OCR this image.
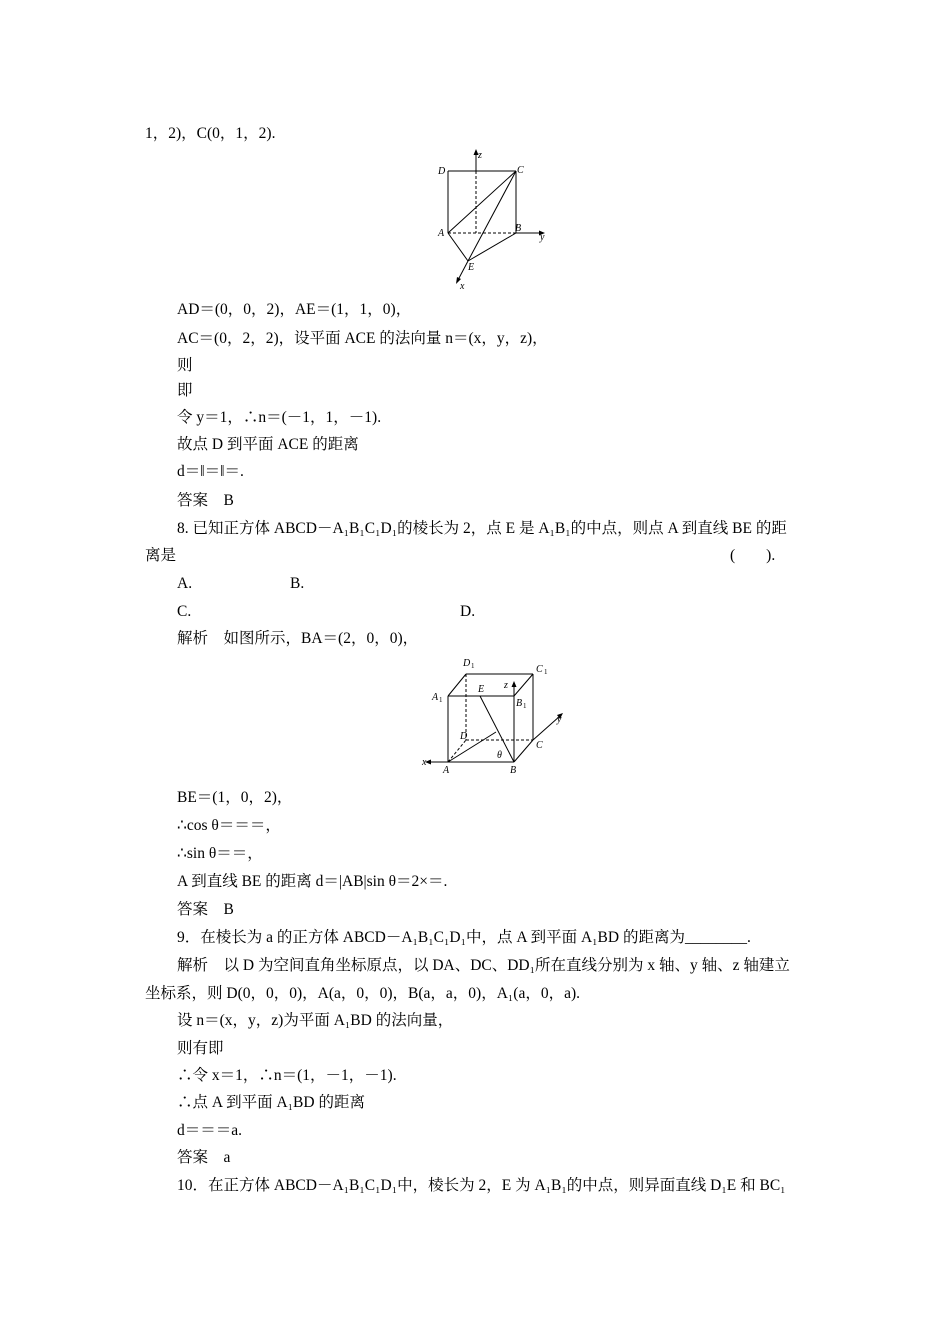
1，2)，C(0，1，2).
z
D	C
A	B
y
E
x
AD＝(0，0，2)，AE＝(1，1，0)，
AC＝(0，2，2)，设平面 ACE 的法向量 n＝(x，y，z)，
则
即
令 y＝1，∴n＝(－1，1，－1).
故点 D 到平面 ACE 的距离
d＝‖＝‖＝.
答案　B
8. 已知正方体 ABCD－A₁B₁C₁D₁的棱长为 2，点 E 是 A₁B₁的中点，则点 A 到直线 BE 的距
离是	(　　).
A.	B.
C.	D.
解析　如图所示，BA＝(2，0，0)，
D 1	C 1
A 1
E z
B 1
y
D
C
x
A
θ
B
BE＝(1，0，2)，
∴cos θ＝＝＝，
∴sin θ＝＝，
A 到直线 BE 的距离 d＝|AB|sin θ＝2×＝.
答案　B
9．在棱长为 a 的正方体 ABCD－A₁B₁C₁D₁中，点 A 到平面 A₁BD 的距离为________.
解析　以 D 为空间直角坐标原点，以 DA、DC、DD₁所在直线分别为 x 轴、y 轴、z 轴建立
坐标系，则 D(0，0，0)，A(a，0，0)，B(a，a，0)，A₁(a，0，a).
设 n＝(x，y，z)为平面 A₁BD 的法向量，
则有即
∴令 x＝1，∴n＝(1，－1，－1).
∴点 A 到平面 A₁BD 的距离
d＝＝＝a.
答案　a
10．在正方体 ABCD－A₁B₁C₁D₁中，棱长为 2，E 为 A₁B₁的中点，则异面直线 D₁E 和 BC₁
